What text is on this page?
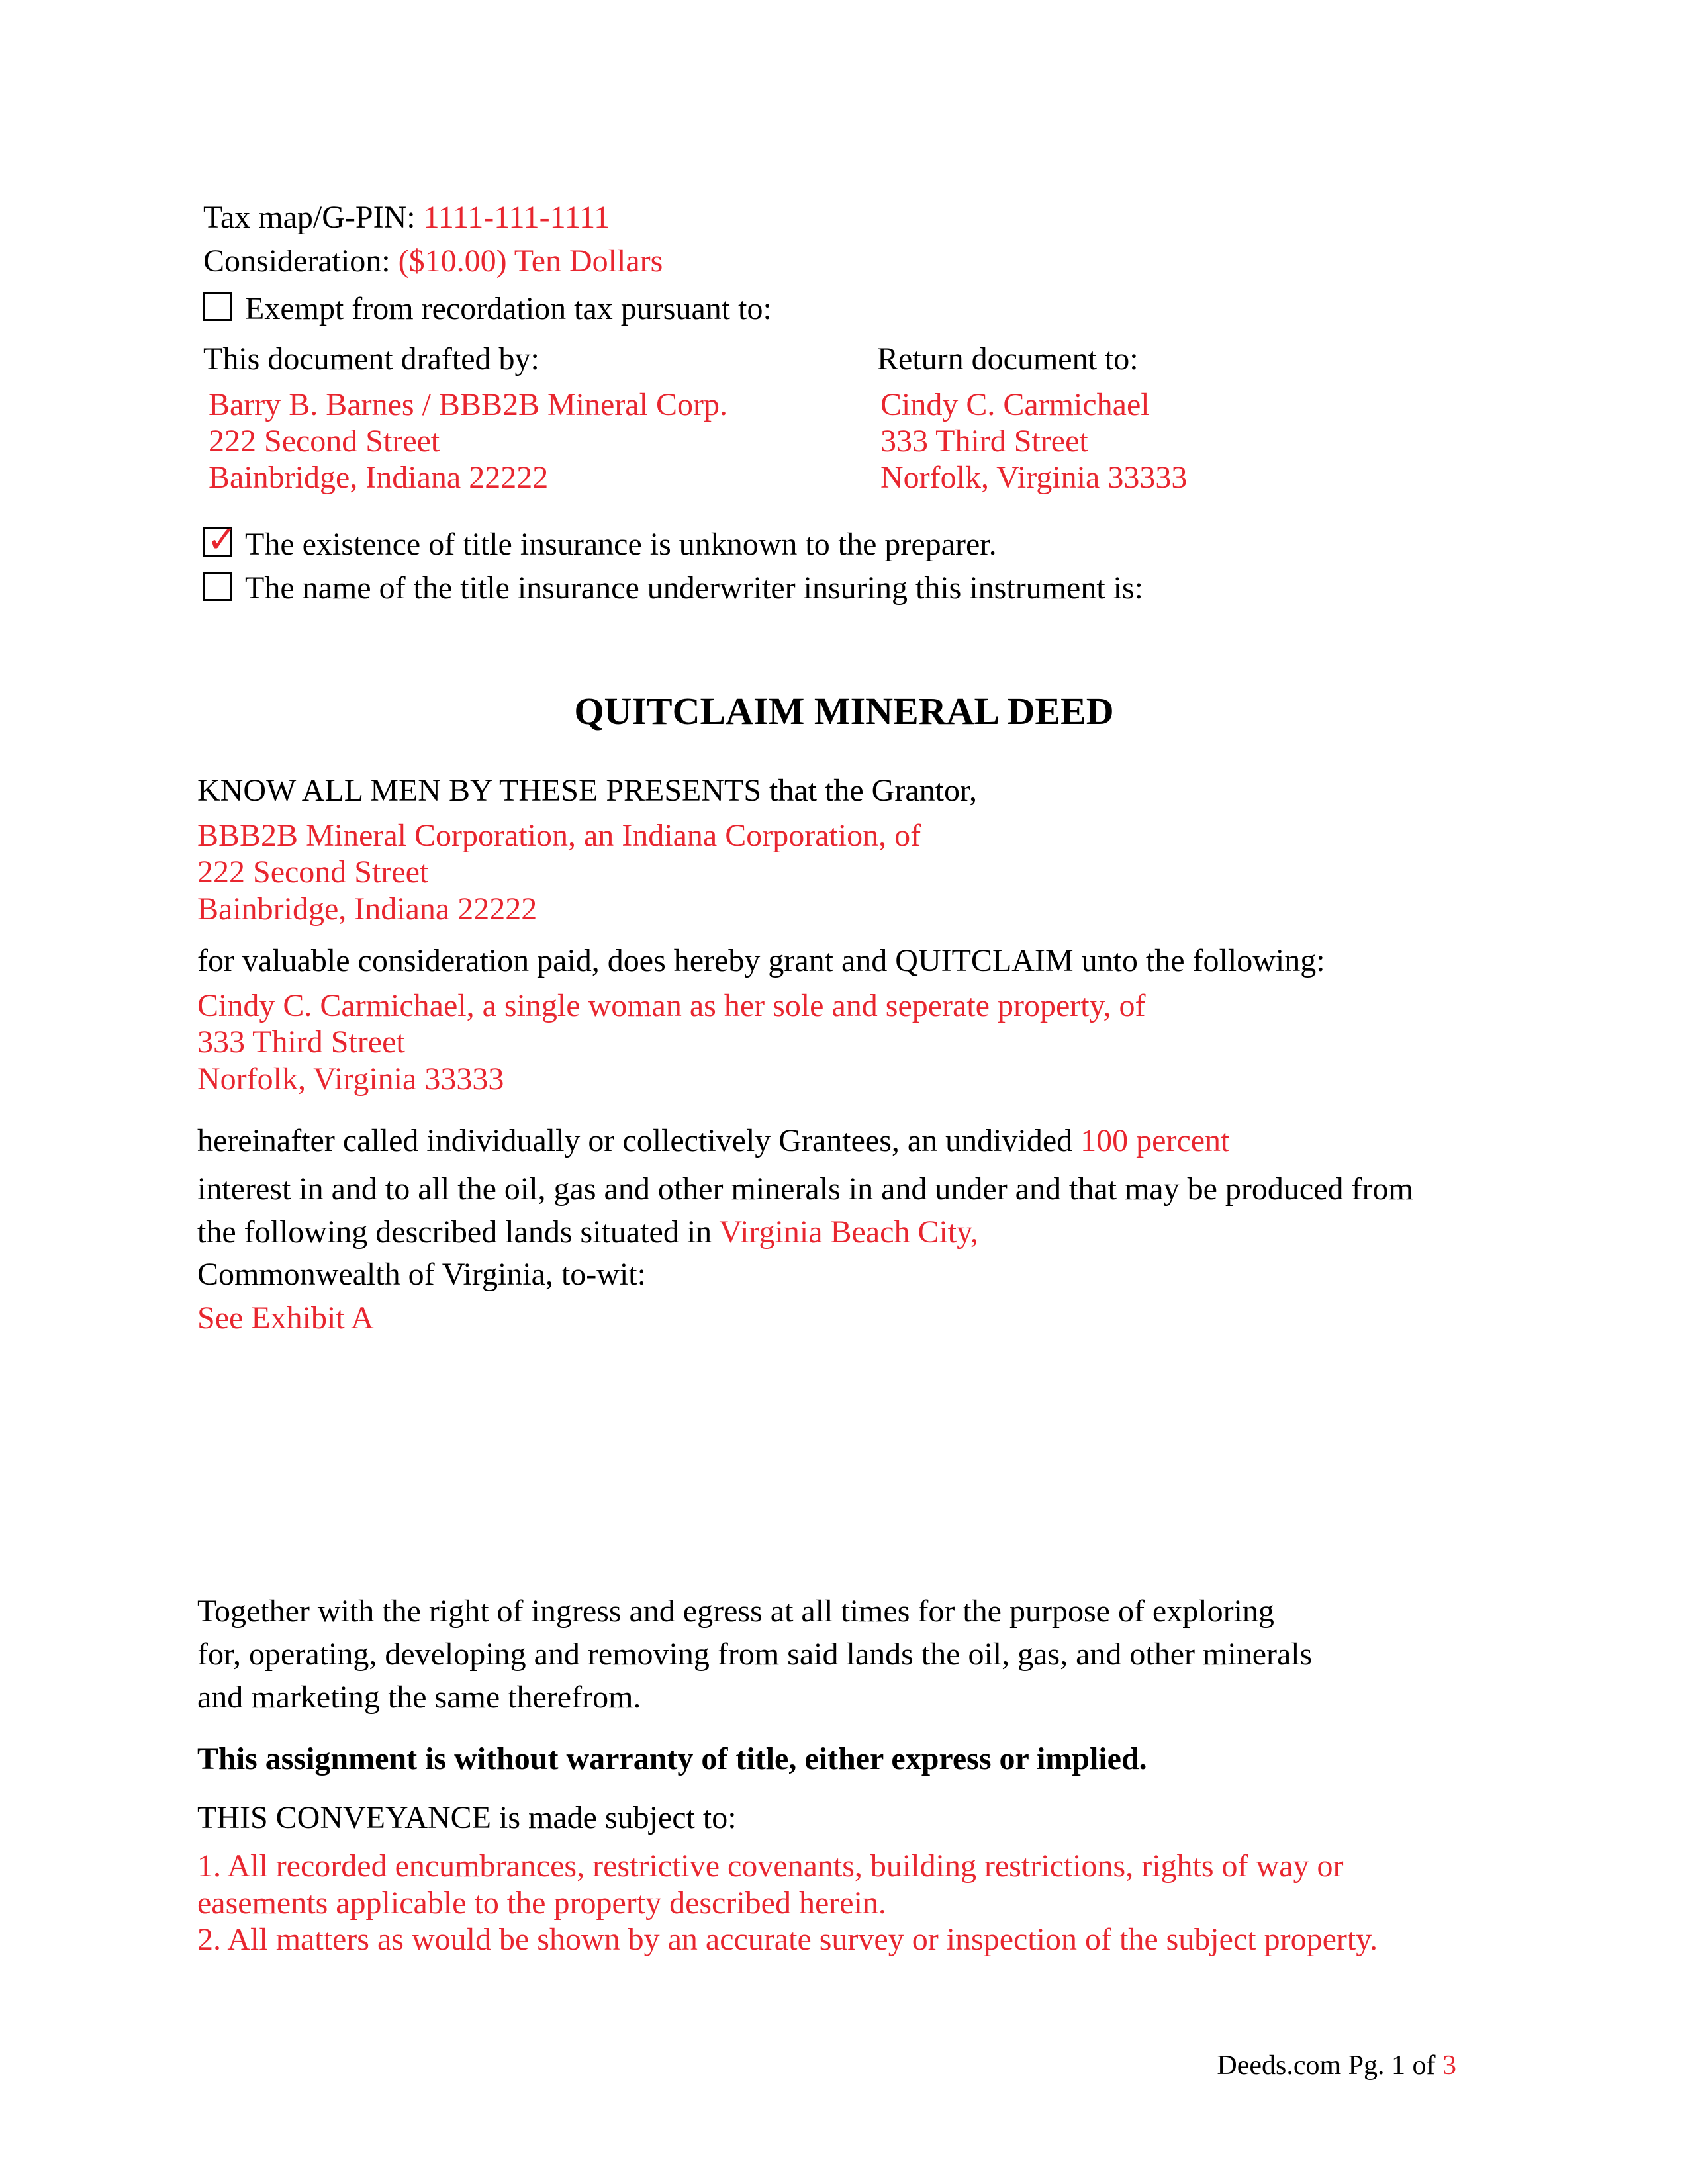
Tax map/G-PIN: 1111-111-1111
Consideration: ($10.00) Ten Dollars
Exempt from recordation tax pursuant to:
This document drafted by:
Barry B. Barnes / BBB2B Mineral Corp.
222 Second Street
Bainbridge, Indiana 22222
Return document to:
Cindy C. Carmichael
333 Third Street
Norfolk, Virginia 33333
✓ The existence of title insurance is unknown to the preparer.
The name of the title insurance underwriter insuring this instrument is:
QUITCLAIM MINERAL DEED
KNOW ALL MEN BY THESE PRESENTS that the Grantor,
BBB2B Mineral Corporation, an Indiana Corporation, of
222 Second Street
Bainbridge, Indiana 22222
for valuable consideration paid, does hereby grant and QUITCLAIM unto the following:
Cindy C. Carmichael, a single woman as her sole and seperate property, of
333 Third Street
Norfolk, Virginia 33333
hereinafter called individually or collectively Grantees, an undivided 100 percent
interest in and to all the oil, gas and other minerals in and under and that may be produced from
the following described lands situated in Virginia Beach City,
Commonwealth of Virginia, to-wit:
See Exhibit A
Together with the right of ingress and egress at all times for the purpose of exploring
for, operating, developing and removing from said lands the oil, gas, and other minerals
and marketing the same therefrom.
This assignment is without warranty of title, either express or implied.
THIS CONVEYANCE is made subject to:
1. All recorded encumbrances, restrictive covenants, building restrictions, rights of way or
easements applicable to the property described herein.
2. All matters as would be shown by an accurate survey or inspection of the subject property.
Deeds.com Pg. 1 of 3
